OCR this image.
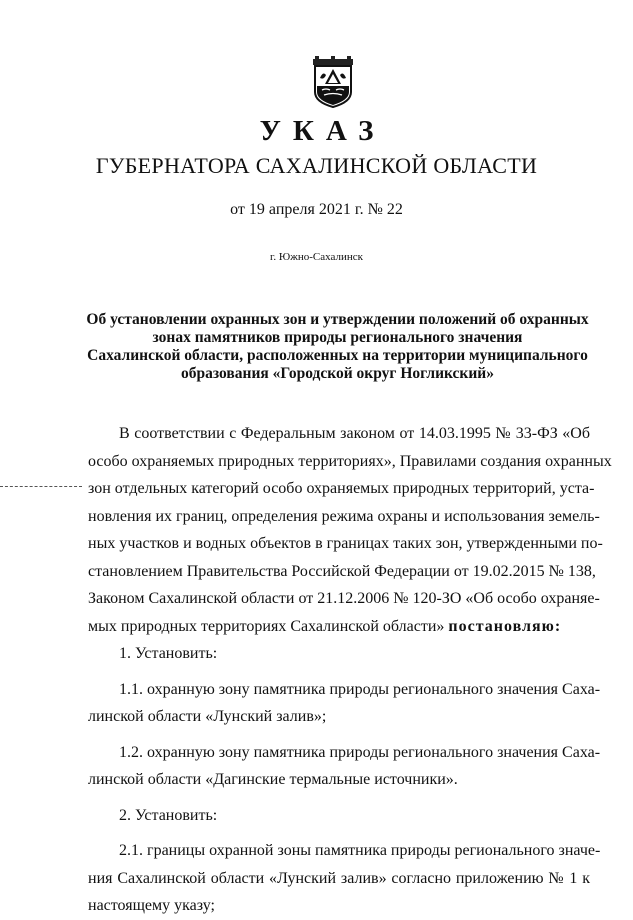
УКАЗ
ГУБЕРНАТОРА САХАЛИНСКОЙ ОБЛАСТИ
от 19 апреля 2021 г. № 22
г. Южно-Сахалинск
Об установлении охранных зон и утверждении положений об охранных
зонах памятников природы регионального значения
Сахалинской области, расположенных на территории муниципального
образования «Городской округ Ногликский»
В соответствии с Федеральным законом от 14.03.1995 № 33-ФЗ «Об
особо охраняемых природных территориях», Правилами создания охранных
зон отдельных категорий особо охраняемых природных территорий, уста-
новления их границ, определения режима охраны и использования земель-
ных участков и водных объектов в границах таких зон, утвержденными по-
становлением Правительства Российской Федерации от 19.02.2015 № 138,
Законом Сахалинской области от 21.12.2006 № 120-ЗО «Об особо охраняе-
мых природных территориях Сахалинской области» постановляю:
1. Установить:
1.1. охранную зону памятника природы регионального значения Саха-
линской области «Лунский залив»;
1.2. охранную зону памятника природы регионального значения Саха-
линской области «Дагинские термальные источники».
2. Установить:
2.1. границы охранной зоны памятника природы регионального значе-
ния Сахалинской области «Лунский залив» согласно приложению № 1 к
настоящему указу;
